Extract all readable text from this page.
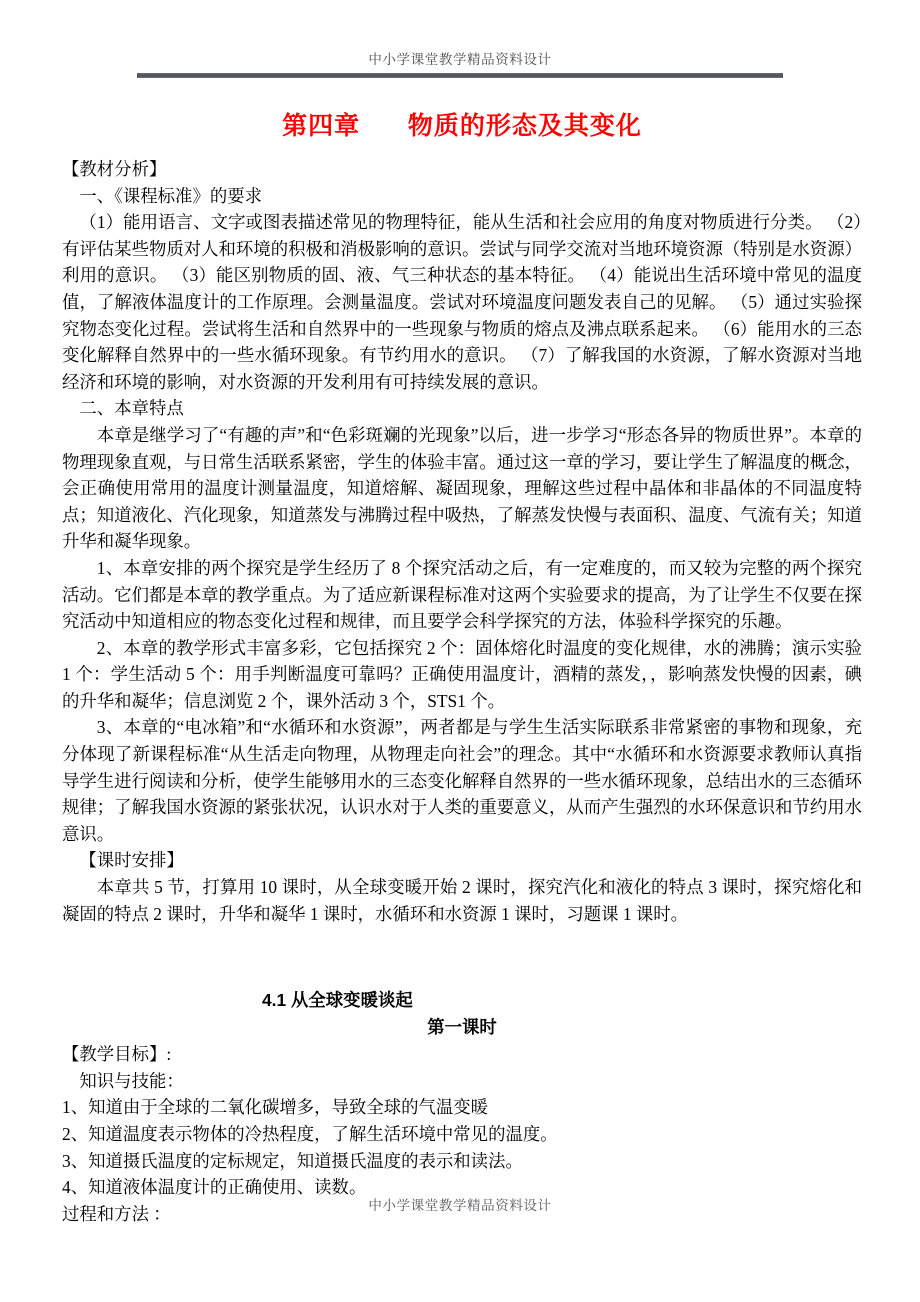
中小学课堂教学精品资料设计
第四章      物质的形态及其变化

【教材分析】

一、《课程标准》的要求

（1）能用语言、文字或图表描述常见的物理特征，能从生活和社会应用的角度对物质进行分类。 （2）有评估某些物质对人和环境的积极和消极影响的意识。尝试与同学交流对当地环境资源（特别是水资源）利用的意识。 （3）能区别物质的固、液、气三种状态的基本特征。 （4）能说出生活环境中常见的温度值，了解液体温度计的工作原理。会测量温度。尝试对环境温度问题发表自己的见解。 （5）通过实验探究物态变化过程。尝试将生活和自然界中的一些现象与物质的熔点及沸点联系起来。 （6）能用水的三态变化解释自然界中的一些水循环现象。有节约用水的意识。 （7）了解我国的水资源，了解水资源对当地经济和环境的影响，对水资源的开发利用有可持续发展的意识。

二、本章特点

本章是继学习了“有趣的声”和“色彩斑斓的光现象”以后，进一步学习“形态各异的物质世界”。本章的物理现象直观，与日常生活联系紧密，学生的体验丰富。通过这一章的学习，要让学生了解温度的概念，会正确使用常用的温度计测量温度，知道熔解、凝固现象，理解这些过程中晶体和非晶体的不同温度特点；知道液化、汽化现象，知道蒸发与沸腾过程中吸热，了解蒸发快慢与表面积、温度、气流有关；知道升华和凝华现象。

1、本章安排的两个探究是学生经历了 8 个探究活动之后，有一定难度的，而又较为完整的两个探究活动。它们都是本章的教学重点。为了适应新课程标准对这两个实验要求的提高，为了让学生不仅要在探究活动中知道相应的物态变化过程和规律，而且要学会科学探究的方法，体验科学探究的乐趣。

2、本章的教学形式丰富多彩，它包括探究 2 个：固体熔化时温度的变化规律，水的沸腾；演示实验 1 个：学生活动 5 个：用手判断温度可靠吗？正确使用温度计，酒精的蒸发，，影响蒸发快慢的因素，碘的升华和凝华；信息浏览 2 个，课外活动 3 个，STS1 个。

3、本章的“电冰箱”和“水循环和水资源”，两者都是与学生生活实际联系非常紧密的事物和现象，充分体现了新课程标准“从生活走向物理，从物理走向社会”的理念。其中“水循环和水资源要求教师认真指导学生进行阅读和分析，使学生能够用水的三态变化解释自然界的一些水循环现象，总结出水的三态循环规律；了解我国水资源的紧张状况，认识水对于人类的重要意义，从而产生强烈的水环保意识和节约用水意识。

【课时安排】

本章共 5 节，打算用 10 课时，从全球变暖开始 2 课时，探究汽化和液化的特点 3 课时，探究熔化和凝固的特点 2 课时，升华和凝华 1 课时，水循环和水资源 1 课时，习题课 1 课时。

4.1 从全球变暖谈起

第一课时

【教学目标】:

知识与技能：

1、知道由于全球的二氧化碳增多，导致全球的气温变暖

2、知道温度表示物体的冷热程度，了解生活环境中常见的温度。

3、知道摄氏温度的定标规定，知道摄氏温度的表示和读法。

4、知道液体温度计的正确使用、读数。

过程和方法 ：	中小学课堂教学精品资料设计
